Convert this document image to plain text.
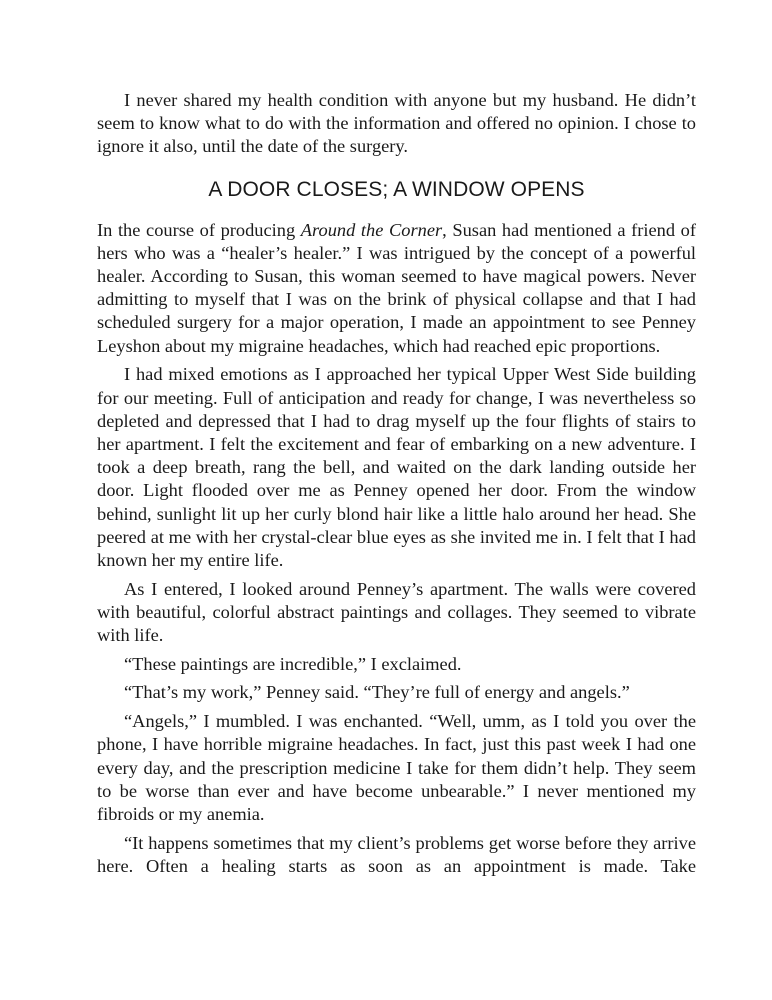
I never shared my health condition with anyone but my husband. He didn’t seem to know what to do with the information and offered no opinion. I chose to ignore it also, until the date of the surgery.

A DOOR CLOSES; A WINDOW OPENS

In the course of producing Around the Corner, Susan had mentioned a friend of hers who was a “healer’s healer.” I was intrigued by the concept of a powerful healer. According to Susan, this woman seemed to have magical powers. Never admitting to myself that I was on the brink of physical collapse and that I had scheduled surgery for a major operation, I made an appointment to see Penney Leyshon about my migraine headaches, which had reached epic proportions.

I had mixed emotions as I approached her typical Upper West Side building for our meeting. Full of anticipation and ready for change, I was nevertheless so depleted and depressed that I had to drag myself up the four flights of stairs to her apartment. I felt the excitement and fear of embarking on a new adventure. I took a deep breath, rang the bell, and waited on the dark landing outside her door. Light flooded over me as Penney opened her door. From the window behind, sunlight lit up her curly blond hair like a little halo around her head. She peered at me with her crystal-clear blue eyes as she invited me in. I felt that I had known her my entire life.

As I entered, I looked around Penney’s apartment. The walls were covered with beautiful, colorful abstract paintings and collages. They seemed to vibrate with life.

“These paintings are incredible,” I exclaimed.

“That’s my work,” Penney said. “They’re full of energy and angels.”

“Angels,” I mumbled. I was enchanted. “Well, umm, as I told you over the phone, I have horrible migraine headaches. In fact, just this past week I had one every day, and the prescription medicine I take for them didn’t help. They seem to be worse than ever and have become unbearable.” I never mentioned my fibroids or my anemia.

“It happens sometimes that my client’s problems get worse before they arrive here. Often a healing starts as soon as an appointment is made. Take
